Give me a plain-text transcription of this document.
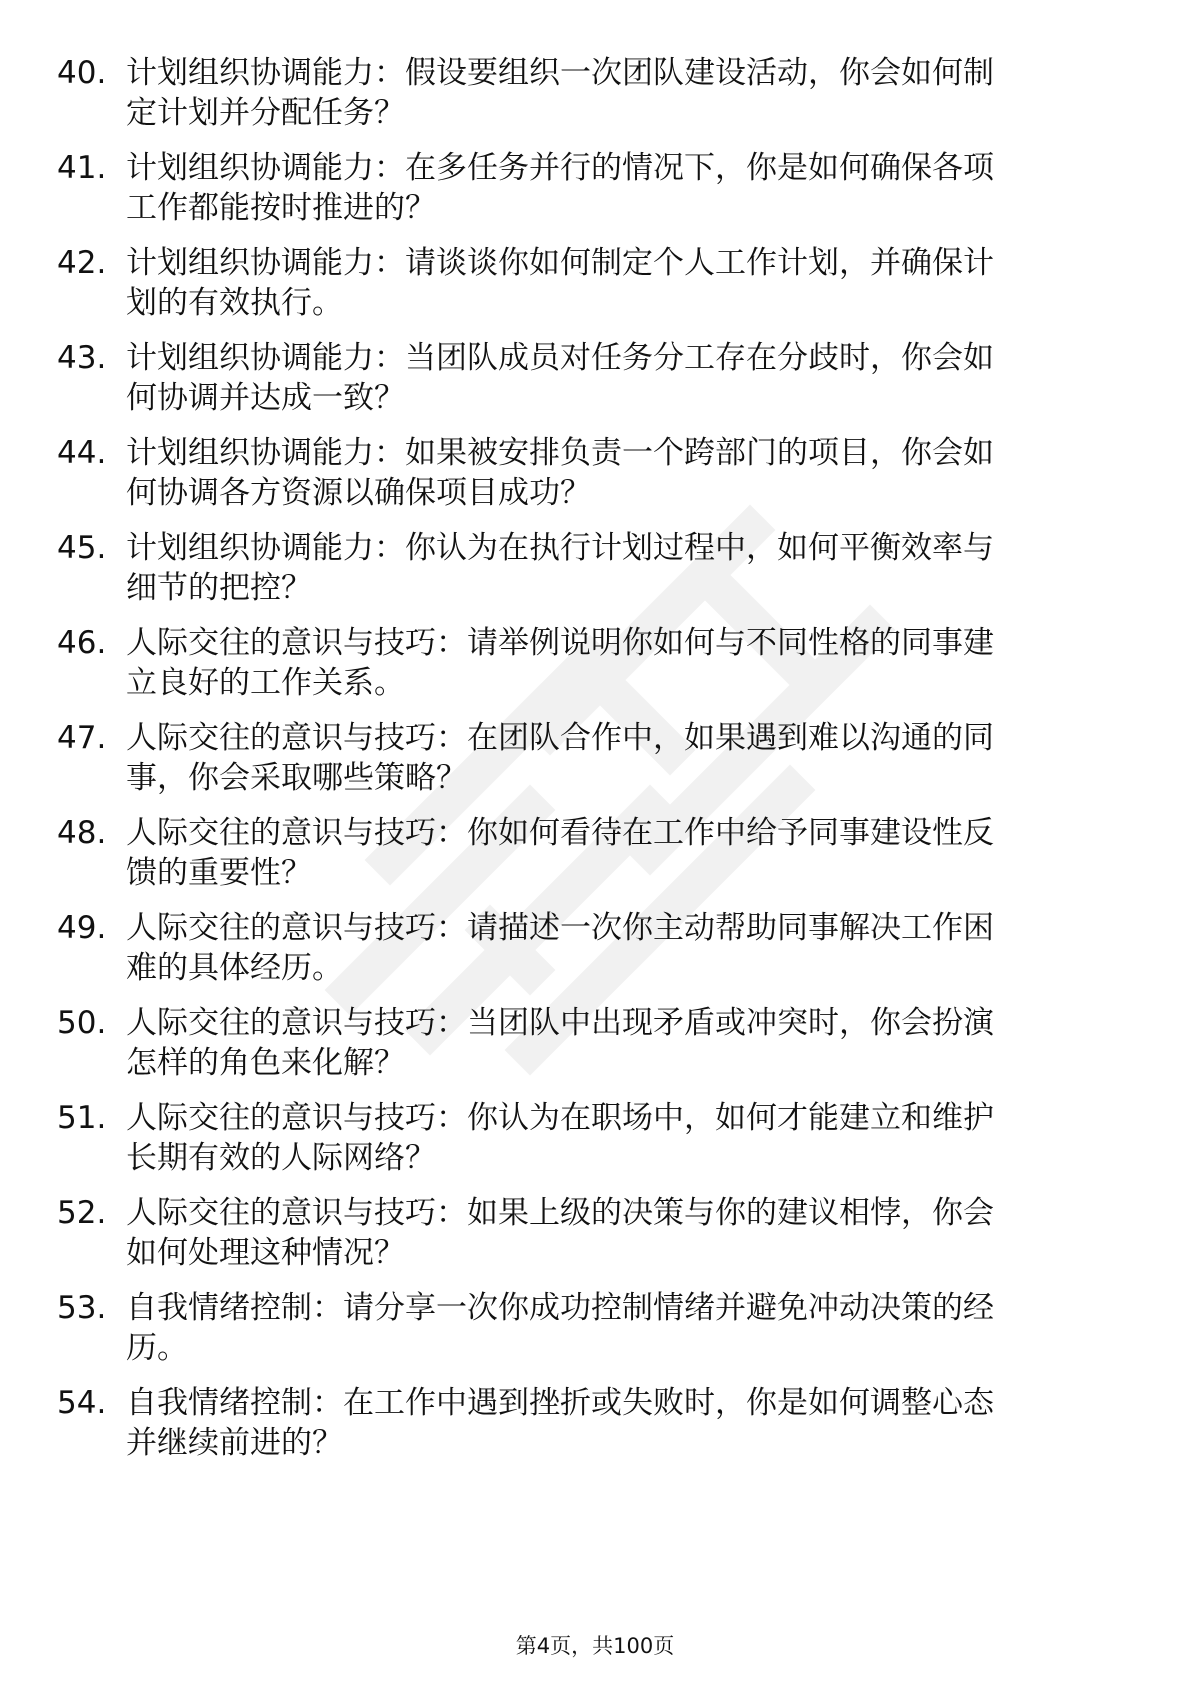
40. 计划组织协调能力：假设要组织一次团队建设活动，你会如何制
定计划并分配任务？
41. 计划组织协调能力：在多任务并行的情况下，你是如何确保各项
工作都能按时推进的？
42. 计划组织协调能力：请谈谈你如何制定个人工作计划，并确保计
划的有效执行。
43. 计划组织协调能力：当团队成员对任务分工存在分歧时，你会如
何协调并达成一致？
44. 计划组织协调能力：如果被安排负责一个跨部门的项目，你会如
何协调各方资源以确保项目成功？
45. 计划组织协调能力：你认为在执行计划过程中，如何平衡效率与
细节的把控？
46. 人际交往的意识与技巧：请举例说明你如何与不同性格的同事建
立良好的工作关系。
47. 人际交往的意识与技巧：在团队合作中，如果遇到难以沟通的同
事，你会采取哪些策略？
48. 人际交往的意识与技巧：你如何看待在工作中给予同事建设性反
馈的重要性？
49. 人际交往的意识与技巧：请描述一次你主动帮助同事解决工作困
难的具体经历。
50. 人际交往的意识与技巧：当团队中出现矛盾或冲突时，你会扮演
怎样的角色来化解？
51. 人际交往的意识与技巧：你认为在职场中，如何才能建立和维护
长期有效的人际网络？
52. 人际交往的意识与技巧：如果上级的决策与你的建议相悖，你会
如何处理这种情况？
53. 自我情绪控制：请分享一次你成功控制情绪并避免冲动决策的经
历。
54. 自我情绪控制：在工作中遇到挫折或失败时，你是如何调整心态
并继续前进的？
第4页，共100页
